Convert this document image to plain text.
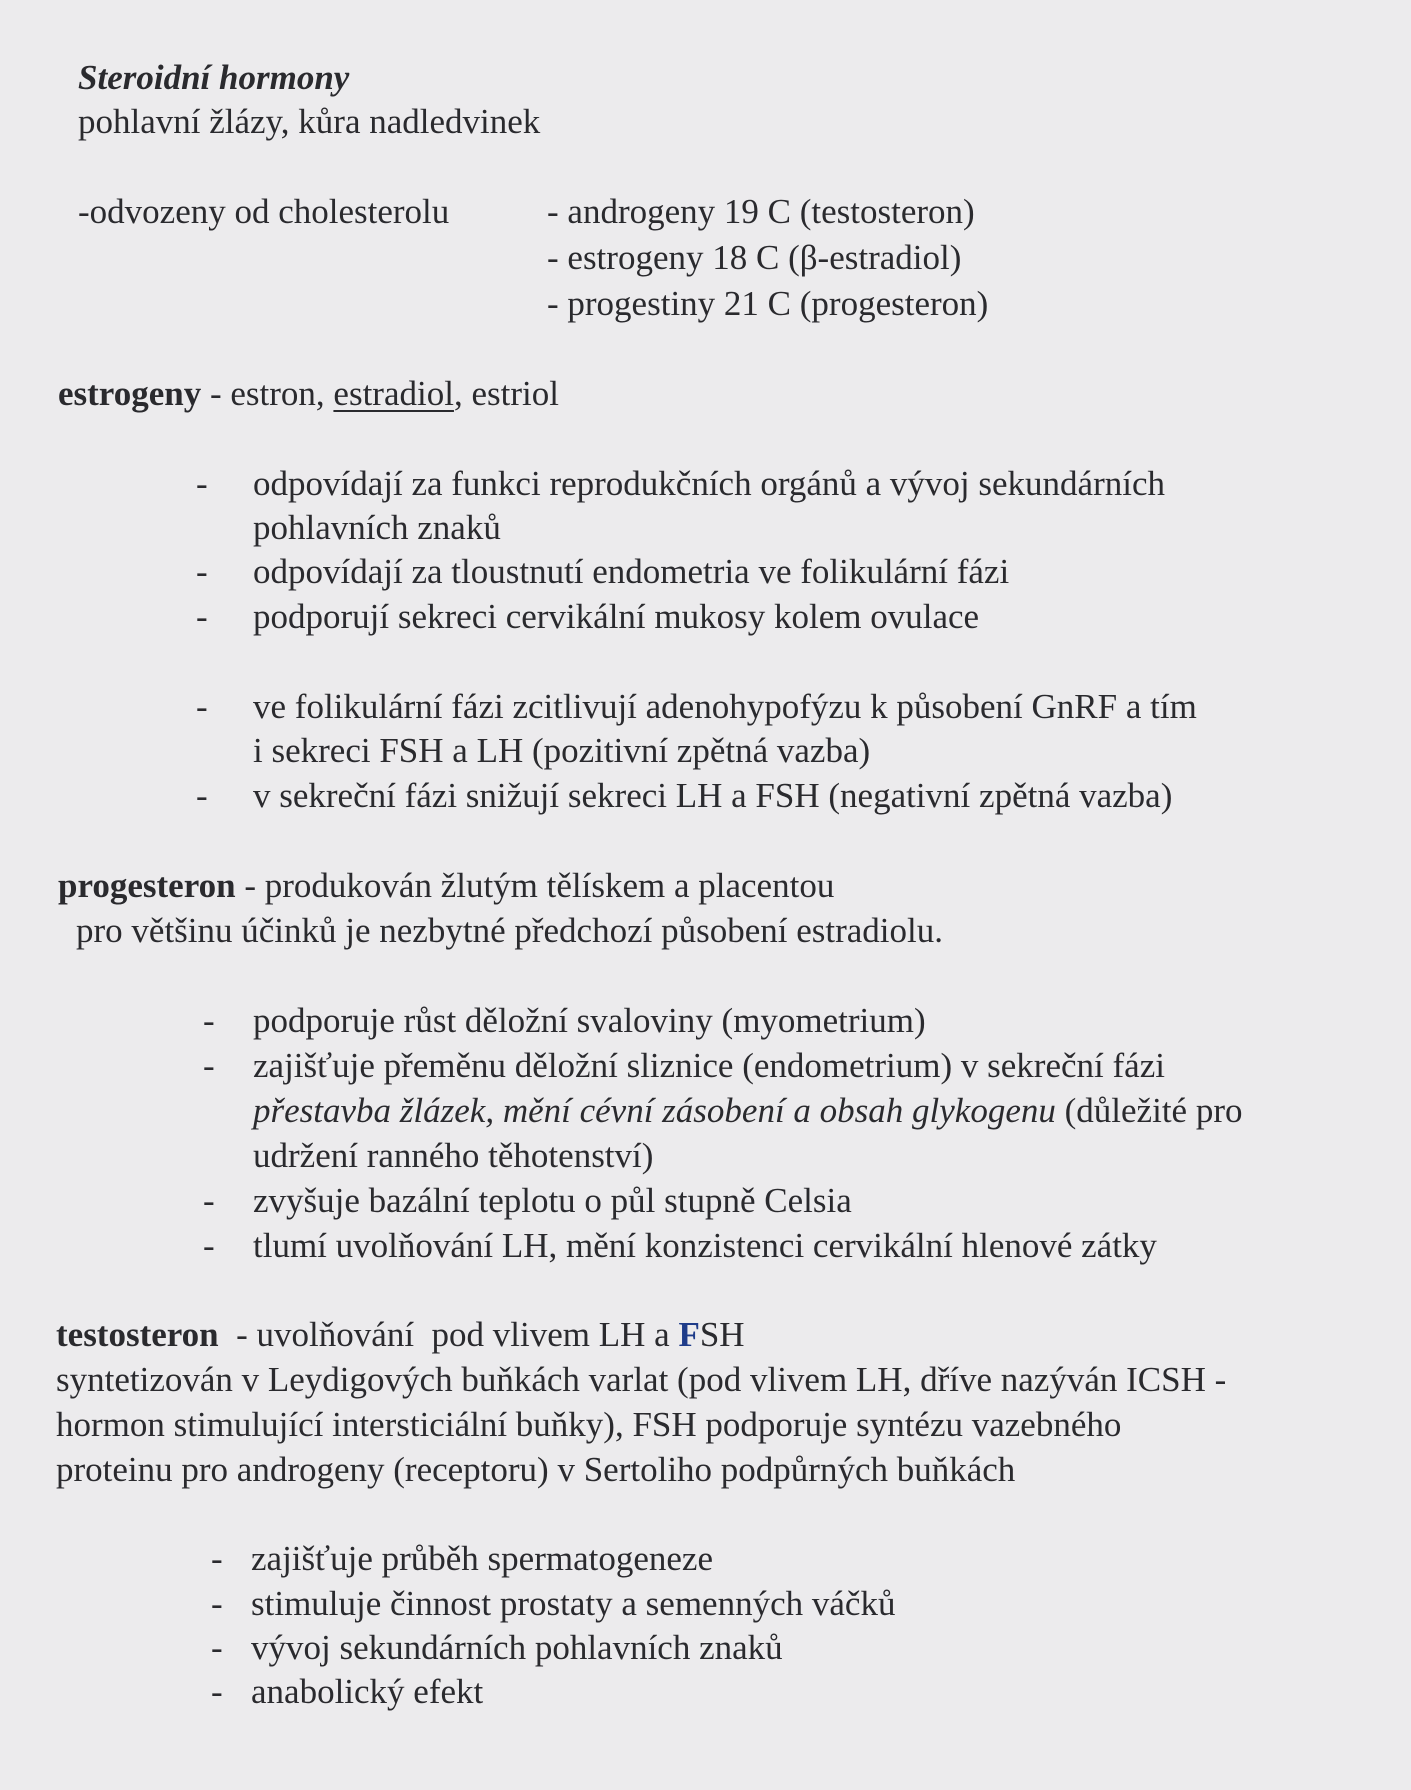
Steroidní hormony
pohlavní žlázy, kůra nadledvinek
-odvozeny od cholesterolu	- androgeny 19 C (testosteron)
- estrogeny 18 C (β-estradiol)
- progestiny 21 C (progesteron)
estrogeny - estron, estradiol, estriol
- odpovídají za funkci reprodukčních orgánů a vývoj sekundárních
pohlavních znaků
- odpovídají za tloustnutí endometria ve folikulární fázi
- podporují sekreci cervikální mukosy kolem ovulace
- ve folikulární fázi zcitlivují adenohypofýzu k působení GnRF a tím
i sekreci FSH a LH (pozitivní zpětná vazba)
- v sekreční fázi snižují sekreci LH a FSH (negativní zpětná vazba)
progesteron - produkován žlutým tělískem a placentou
pro většinu účinků je nezbytné předchozí působení estradiolu.
- podporuje růst děložní svaloviny (myometrium)
- zajišťuje přeměnu děložní sliznice (endometrium) v sekreční fázi
přestavba žlázek, mění cévní zásobení a obsah glykogenu (důležité pro
udržení ranného těhotenství)
- zvyšuje bazální teplotu o půl stupně Celsia
- tlumí uvolňování LH, mění konzistenci cervikální hlenové zátky
testosteron  - uvolňování  pod vlivem LH a FSH
syntetizován v Leydigových buňkách varlat (pod vlivem LH, dříve nazýván ICSH -
hormon stimulující intersticiální buňky), FSH podporuje syntézu vazebného
proteinu pro androgeny (receptoru) v Sertoliho podpůrných buňkách
- zajišťuje průběh spermatogeneze
- stimuluje činnost prostaty a semenných váčků
- vývoj sekundárních pohlavních znaků
- anabolický efekt
